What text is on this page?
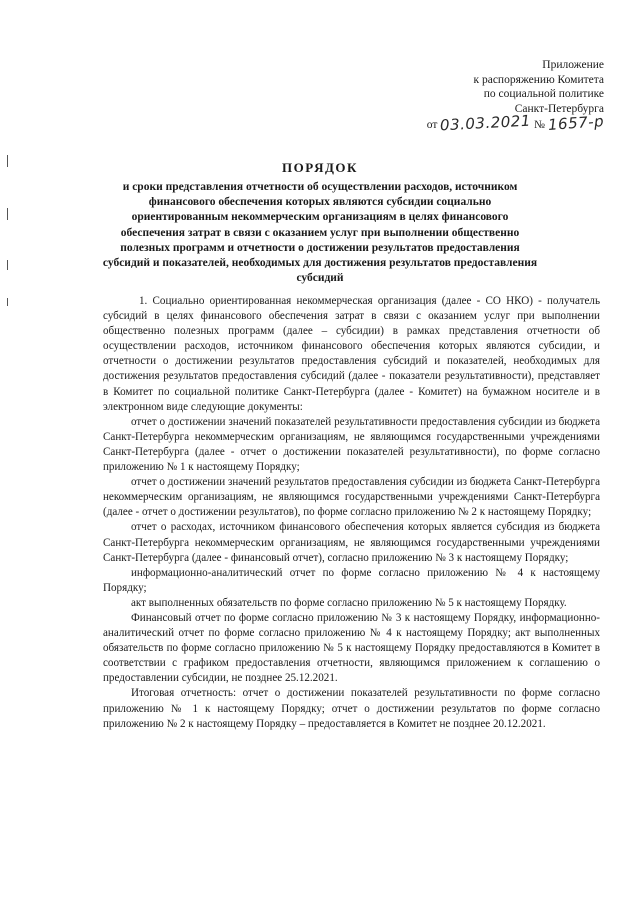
Приложение
к распоряжению Комитета
по социальной политике
Санкт-Петербурга
от 03.03.2021 № 1657-р
ПОРЯДОК
и сроки представления отчетности об осуществлении расходов, источником финансового обеспечения которых являются субсидии социально ориентированным некоммерческим организациям в целях финансового обеспечения затрат в связи с оказанием услуг при выполнении общественно полезных программ и отчетности о достижении результатов предоставления субсидий и показателей, необходимых для достижения результатов предоставления субсидий

1. Социально ориентированная некоммерческая организация (далее - СО НКО) - получатель субсидий в целях финансового обеспечения затрат в связи с оказанием услуг при выполнении общественно полезных программ (далее – субсидии) в рамках представления отчетности об осуществлении расходов, источником финансового обеспечения которых являются субсидии, и отчетности о достижении результатов предоставления субсидий и показателей, необходимых для достижения результатов предоставления субсидий (далее - показатели результативности), представляет в Комитет по социальной политике Санкт-Петербурга (далее - Комитет) на бумажном носителе и в электронном виде следующие документы:

отчет о достижении значений показателей результативности предоставления субсидии из бюджета Санкт-Петербурга некоммерческим организациям, не являющимся государственными учреждениями Санкт-Петербурга (далее - отчет о достижении показателей результативности), по форме согласно приложению № 1 к настоящему Порядку;

отчет о достижении значений результатов предоставления субсидии из бюджета Санкт-Петербурга некоммерческим организациям, не являющимся государственными учреждениями Санкт-Петербурга (далее - отчет о достижении результатов), по форме согласно приложению № 2 к настоящему Порядку;

отчет о расходах, источником финансового обеспечения которых является субсидия из бюджета Санкт-Петербурга некоммерческим организациям, не являющимся государственными учреждениями Санкт-Петербурга (далее - финансовый отчет), согласно приложению № 3 к настоящему Порядку;

информационно-аналитический отчет по форме согласно приложению № 4 к настоящему Порядку;

акт выполненных обязательств по форме согласно приложению № 5 к настоящему Порядку.

Финансовый отчет по форме согласно приложению № 3 к настоящему Порядку, информационно-аналитический отчет по форме согласно приложению № 4 к настоящему Порядку; акт выполненных обязательств по форме согласно приложению № 5 к настоящему Порядку предоставляются в Комитет в соответствии с графиком предоставления отчетности, являющимся приложением к соглашению о предоставлении субсидии, не позднее 25.12.2021.

Итоговая отчетность: отчет о достижении показателей результативности по форме согласно приложению № 1 к настоящему Порядку; отчет о достижении результатов по форме согласно приложению № 2 к настоящему Порядку – предоставляется в Комитет не позднее 20.12.2021.
